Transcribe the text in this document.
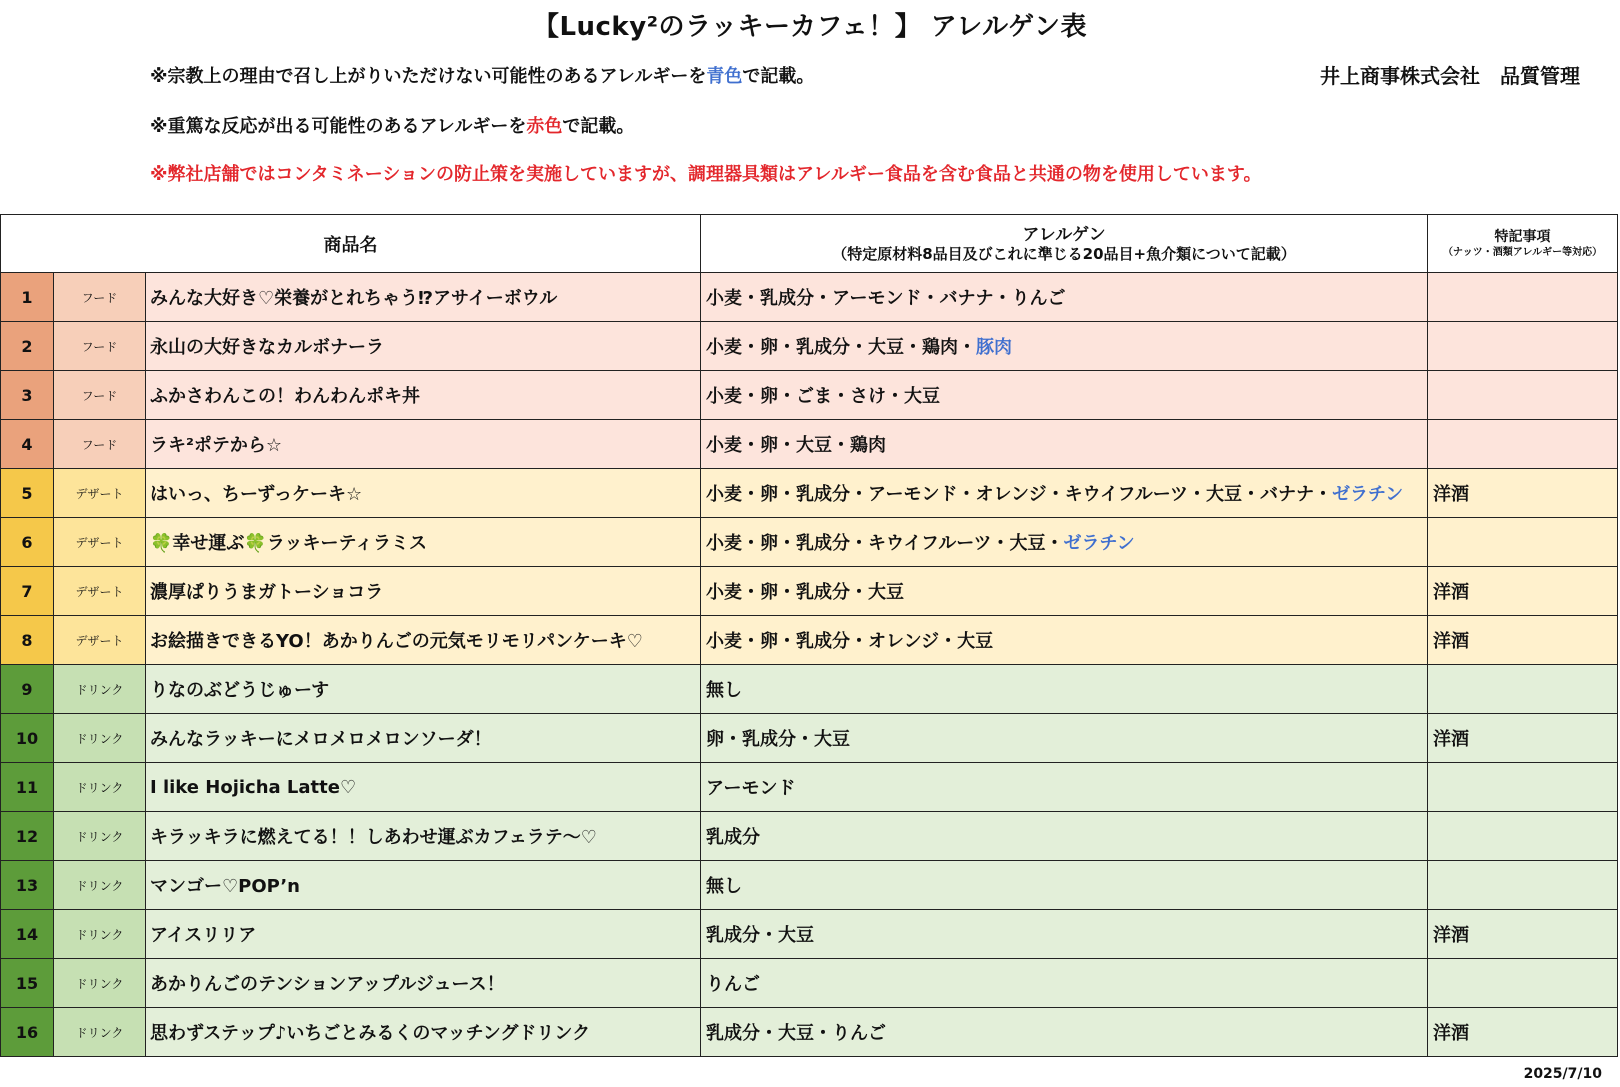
【Lucky²のラッキーカフェ！】 アレルゲン表
※宗教上の理由で召し上がりいただけない可能性のあるアレルギーを青色で記載。
※重篤な反応が出る可能性のあるアレルギーを赤色で記載。
※弊社店舗ではコンタミネーションの防止策を実施していますが、調理器具類はアレルギー食品を含む食品と共通の物を使用しています。
井上商事株式会社　品質管理
商品名			アレルゲン
（特定原材料8品目及びこれに準じる20品目+魚介類について記載）	特記事項
（ナッツ・酒類アレルギー等対応）

1	フード	みんな大好き♡栄養がとれちゃう⁉アサイーボウル	小麦・乳成分・アーモンド・バナナ・りんご	
2	フード	永山の大好きなカルボナーラ	小麦・卵・乳成分・大豆・鶏肉・豚肉	
3	フード	ふかさわんこの！わんわんポキ丼	小麦・卵・ごま・さけ・大豆	
4	フード	ラキ²ポテから☆	小麦・卵・大豆・鶏肉	
5	デザート	はいっ、ちーずっケーキ☆	小麦・卵・乳成分・アーモンド・オレンジ・キウイフルーツ・大豆・バナナ・ゼラチン	洋酒
6	デザート	🍀幸せ運ぶ🍀ラッキーティラミス	小麦・卵・乳成分・キウイフルーツ・大豆・ゼラチン	
7	デザート	濃厚ぱりうまガトーショコラ	小麦・卵・乳成分・大豆	洋酒
8	デザート	お絵描きできるYO！あかりんごの元気モリモリパンケーキ♡	小麦・卵・乳成分・オレンジ・大豆	洋酒
9	ドリンク	りなのぶどうじゅーす	無し	
10	ドリンク	みんなラッキーにメロメロメロンソーダ！	卵・乳成分・大豆	洋酒
11	ドリンク	I like Hojicha Latte♡	アーモンド	
12	ドリンク	キラッキラに燃えてる！！しあわせ運ぶカフェラテ～♡	乳成分	
13	ドリンク	マンゴー♡POP’n	無し	
14	ドリンク	アイスリリア	乳成分・大豆	洋酒
15	ドリンク	あかりんごのテンションアップルジュース！	りんご	
16	ドリンク	思わずステップ♪いちごとみるくのマッチングドリンク	乳成分・大豆・りんご	洋酒
2025/7/10
